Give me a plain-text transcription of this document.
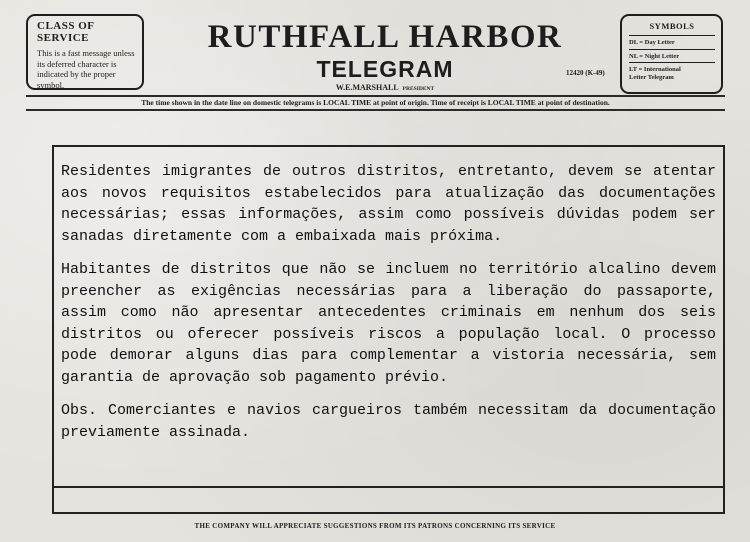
CLASS OF SERVICE
This is a fast message unless its deferred character is indicated by the proper symbol.
RUTHFALL HARBOR
TELEGRAM
W.E.MARSHALL PRESIDENT
12420 (K-49)
SYMBOLS
DL = Day Letter
NL = Night Letter
LT = International
Letter Telegram
The time shown in the date line on domestic telegrams is LOCAL TIME at point of origin. Time of receipt is LOCAL TIME at point of destination.

Residentes imigrantes de outros distritos, entretanto, devem se atentar aos novos requisitos estabelecidos para atualização das documentações necessárias; essas informações, assim como possíveis dúvidas podem ser sanadas diretamente com a embaixada mais próxima.

Habitantes de distritos que não se incluem no território alcalino devem preencher as exigências necessárias para a liberação do passaporte, assim como não apresentar antecedentes criminais em nenhum dos seis distritos ou oferecer possíveis riscos a população local. O processo pode demorar alguns dias para complementar a vistoria necessária, sem garantia de aprovação sob pagamento prévio.

Obs. Comerciantes e navios cargueiros também necessitam da documentação previamente assinada.

THE COMPANY WILL APPRECIATE SUGGESTIONS FROM ITS PATRONS CONCERNING ITS SERVICE
